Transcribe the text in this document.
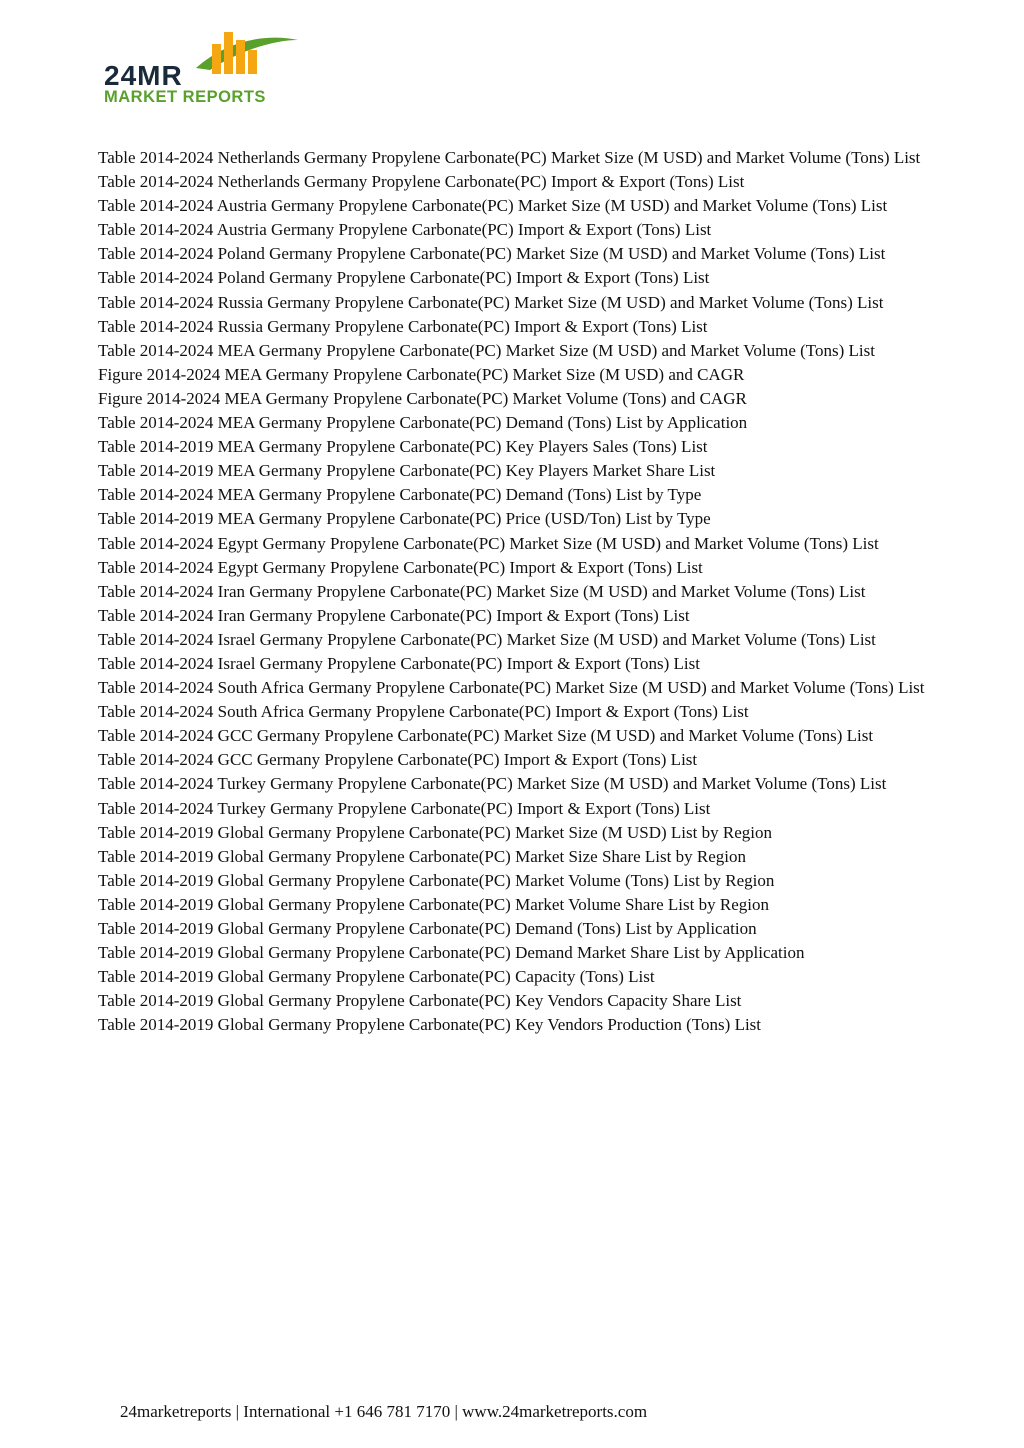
24MR
MARKET REPORTS

Table 2014-2024 Netherlands Germany Propylene Carbonate(PC) Market Size (M USD) and Market Volume (Tons) List

Table 2014-2024 Netherlands Germany Propylene Carbonate(PC) Import & Export (Tons) List

Table 2014-2024 Austria Germany Propylene Carbonate(PC) Market Size (M USD) and Market Volume (Tons) List

Table 2014-2024 Austria Germany Propylene Carbonate(PC) Import & Export (Tons) List

Table 2014-2024 Poland Germany Propylene Carbonate(PC) Market Size (M USD) and Market Volume (Tons) List

Table 2014-2024 Poland Germany Propylene Carbonate(PC) Import & Export (Tons) List

Table 2014-2024 Russia Germany Propylene Carbonate(PC) Market Size (M USD) and Market Volume (Tons) List

Table 2014-2024 Russia Germany Propylene Carbonate(PC) Import & Export (Tons) List

Table 2014-2024 MEA Germany Propylene Carbonate(PC) Market Size (M USD) and Market Volume (Tons) List

Figure 2014-2024 MEA Germany Propylene Carbonate(PC) Market Size (M USD) and CAGR

Figure 2014-2024 MEA Germany Propylene Carbonate(PC) Market Volume (Tons) and CAGR

Table 2014-2024 MEA Germany Propylene Carbonate(PC) Demand (Tons) List by Application

Table 2014-2019 MEA Germany Propylene Carbonate(PC) Key Players Sales (Tons) List

Table 2014-2019 MEA Germany Propylene Carbonate(PC) Key Players Market Share List

Table 2014-2024 MEA Germany Propylene Carbonate(PC) Demand (Tons) List by Type

Table 2014-2019 MEA Germany Propylene Carbonate(PC) Price (USD/Ton) List by Type

Table 2014-2024 Egypt Germany Propylene Carbonate(PC) Market Size (M USD) and Market Volume (Tons) List

Table 2014-2024 Egypt Germany Propylene Carbonate(PC) Import & Export (Tons) List

Table 2014-2024 Iran Germany Propylene Carbonate(PC) Market Size (M USD) and Market Volume (Tons) List

Table 2014-2024 Iran Germany Propylene Carbonate(PC) Import & Export (Tons) List

Table 2014-2024 Israel Germany Propylene Carbonate(PC) Market Size (M USD) and Market Volume (Tons) List

Table 2014-2024 Israel Germany Propylene Carbonate(PC) Import & Export (Tons) List

Table 2014-2024 South Africa Germany Propylene Carbonate(PC) Market Size (M USD) and Market Volume (Tons) List

Table 2014-2024 South Africa Germany Propylene Carbonate(PC) Import & Export (Tons) List

Table 2014-2024 GCC Germany Propylene Carbonate(PC) Market Size (M USD) and Market Volume (Tons) List

Table 2014-2024 GCC Germany Propylene Carbonate(PC) Import & Export (Tons) List

Table 2014-2024 Turkey Germany Propylene Carbonate(PC) Market Size (M USD) and Market Volume (Tons) List

Table 2014-2024 Turkey Germany Propylene Carbonate(PC) Import & Export (Tons) List

Table 2014-2019 Global Germany Propylene Carbonate(PC) Market Size (M USD) List by Region

Table 2014-2019 Global Germany Propylene Carbonate(PC) Market Size Share List by Region

Table 2014-2019 Global Germany Propylene Carbonate(PC) Market Volume (Tons) List by Region

Table 2014-2019 Global Germany Propylene Carbonate(PC) Market Volume Share List by Region

Table 2014-2019 Global Germany Propylene Carbonate(PC) Demand (Tons) List by Application

Table 2014-2019 Global Germany Propylene Carbonate(PC) Demand Market Share List by Application

Table 2014-2019 Global Germany Propylene Carbonate(PC) Capacity (Tons) List

Table 2014-2019 Global Germany Propylene Carbonate(PC) Key Vendors Capacity Share List

Table 2014-2019 Global Germany Propylene Carbonate(PC) Key Vendors Production (Tons) List

24marketreports | International +1 646 781 7170 | www.24marketreports.com
